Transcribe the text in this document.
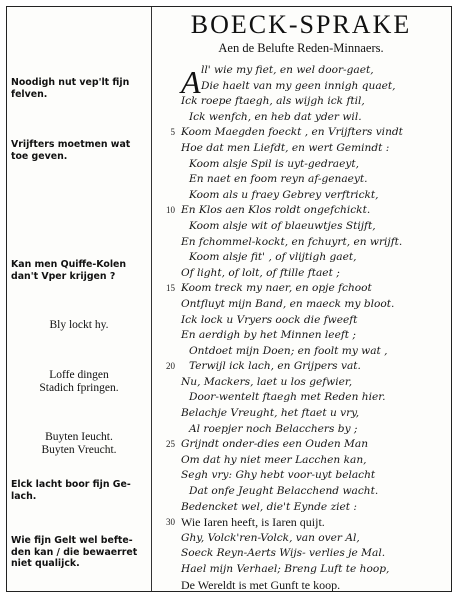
BOECK-SPRAKE
Aen de Belufte Reden-Minnaers.
A ll' wie my fiet, en wel door-gaet,
Die haelt van my geen innigh quaet,
Ick roepe ftaegh, als wijgh ick ftil,
Ick wenfch, en heb dat yder wil.
5 Koom Maegden foeckt , en Vrijfters vindt
Hoe dat men Liefdt, en wert Gemindt :
Koom alsje Spil is uyt-gedraeyt,
En naet en foom reyn af-genaeyt.
Koom als u fraey Gebrey verftrickt,
10 En Klos aen Klos roldt ongefchickt.
Koom alsje wit of blaeuwtjes Stijft,
En fchommel-kockt, en fchuyrt, en wrijft.
Koom alsje fit' , of vlijtigh gaet,
Of light, of lolt, of ftille ftaet ;
15 Koom treck my naer, en opje fchoot
Ontfluyt mijn Band, en maeck my bloot.
Ick lock u Vryers oock die fweeft
En aerdigh by het Minnen leeft ;
Ontdoet mijn Doen; en foolt my wat ,
20 Terwijl ick lach, en Grijpers vat.
Nu, Mackers, laet u los gefwier,
Door-wentelt ftaegh met Reden hier.
Belachje Vreught, het ftaet u vry,
Al roepjer noch Belacchers by ;
25 Grijndt onder-dies een Ouden Man
Om dat hy niet meer Lacchen kan,
Segh vry: Ghy hebt voor-uyt belacht
Dat onfe Jeught Belacchend wacht.
Bedencket wel, die't Eynde ziet :
30 Wie Iaren heeft, is Iaren quijt.
Ghy, Volck'ren-Volck, van over Al,
Soeck Reyn-Aerts Wijs- verlies je Mal.
Hael mijn Verhael; Breng Luft te hoop,
De Wereldt is met Gunft te koop.
Noodigh nut vep'lt fijn
felven.
Vrijfters moetmen wat
toe geven.
Kan men Quiffe-Kolen
dan't Vper krijgen ?
Bly lockt hy.
Loffe dingen
Stadich fpringen.
Buyten Ieucht.
Buyten Vreucht.
Elck lacht boor fijn Ge-
lach.
Wie fijn Gelt wel befte-
den kan / die bewaerret
niet qualijck.
